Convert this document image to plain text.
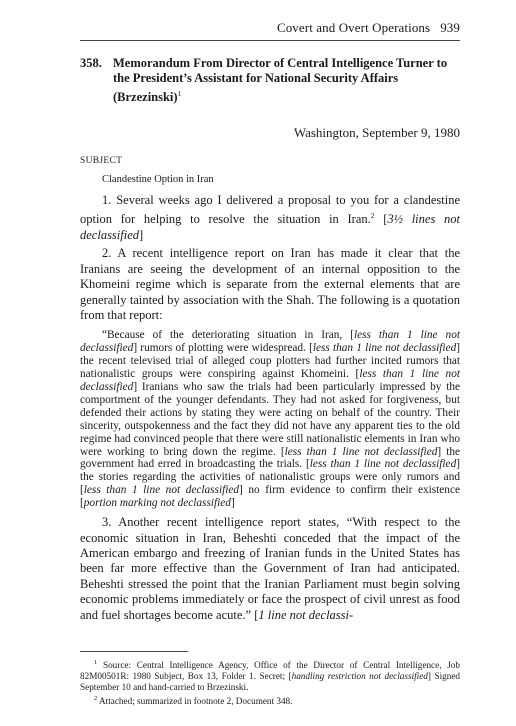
Covert and Overt Operations 939
358. Memorandum From Director of Central Intelligence Turner to the President’s Assistant for National Security Affairs (Brzezinski)$^1$
Washington, September 9, 1980
SUBJECT
Clandestine Option in Iran

1. Several weeks ago I delivered a proposal to you for a clandestine option for helping to resolve the situation in Iran.$^2$ [3½ lines not declassified]

2. A recent intelligence report on Iran has made it clear that the Iranians are seeing the development of an internal opposition to the Khomeini regime which is separate from the external elements that are generally tainted by association with the Shah. The following is a quotation from that report:

“Because of the deteriorating situation in Iran, [less than 1 line not declassified] rumors of plotting were widespread. [less than 1 line not declassified] the recent televised trial of alleged coup plotters had further incited rumors that nationalistic groups were conspiring against Khomeini. [less than 1 line not declassified] Iranians who saw the trials had been particularly impressed by the comportment of the younger defendants. They had not asked for forgiveness, but defended their actions by stating they were acting on behalf of the country. Their sincerity, outspokenness and the fact they did not have any apparent ties to the old regime had convinced people that there were still nationalistic elements in Iran who were working to bring down the regime. [less than 1 line not declassified] the government had erred in broadcasting the trials. [less than 1 line not declassified] the stories regarding the activities of nationalistic groups were only rumors and [less than 1 line not declassified] no firm evidence to confirm their existence [portion marking not declassified]

3. Another recent intelligence report states, “With respect to the economic situation in Iran, Beheshti conceded that the impact of the American embargo and freezing of Iranian funds in the United States has been far more effective than the Government of Iran had anticipated. Beheshti stressed the point that the Iranian Parliament must begin solving economic problems immediately or face the prospect of civil unrest as food and fuel shortages become acute.” [1 line not declassi-

$^1$ Source: Central Intelligence Agency, Office of the Director of Central Intelligence, Job 82M00501R: 1980 Subject, Box 13, Folder 1. Secret; [handling restriction not declassified] Signed September 10 and hand-carried to Brzezinski.

$^2$ Attached; summarized in footnote 2, Document 348.
